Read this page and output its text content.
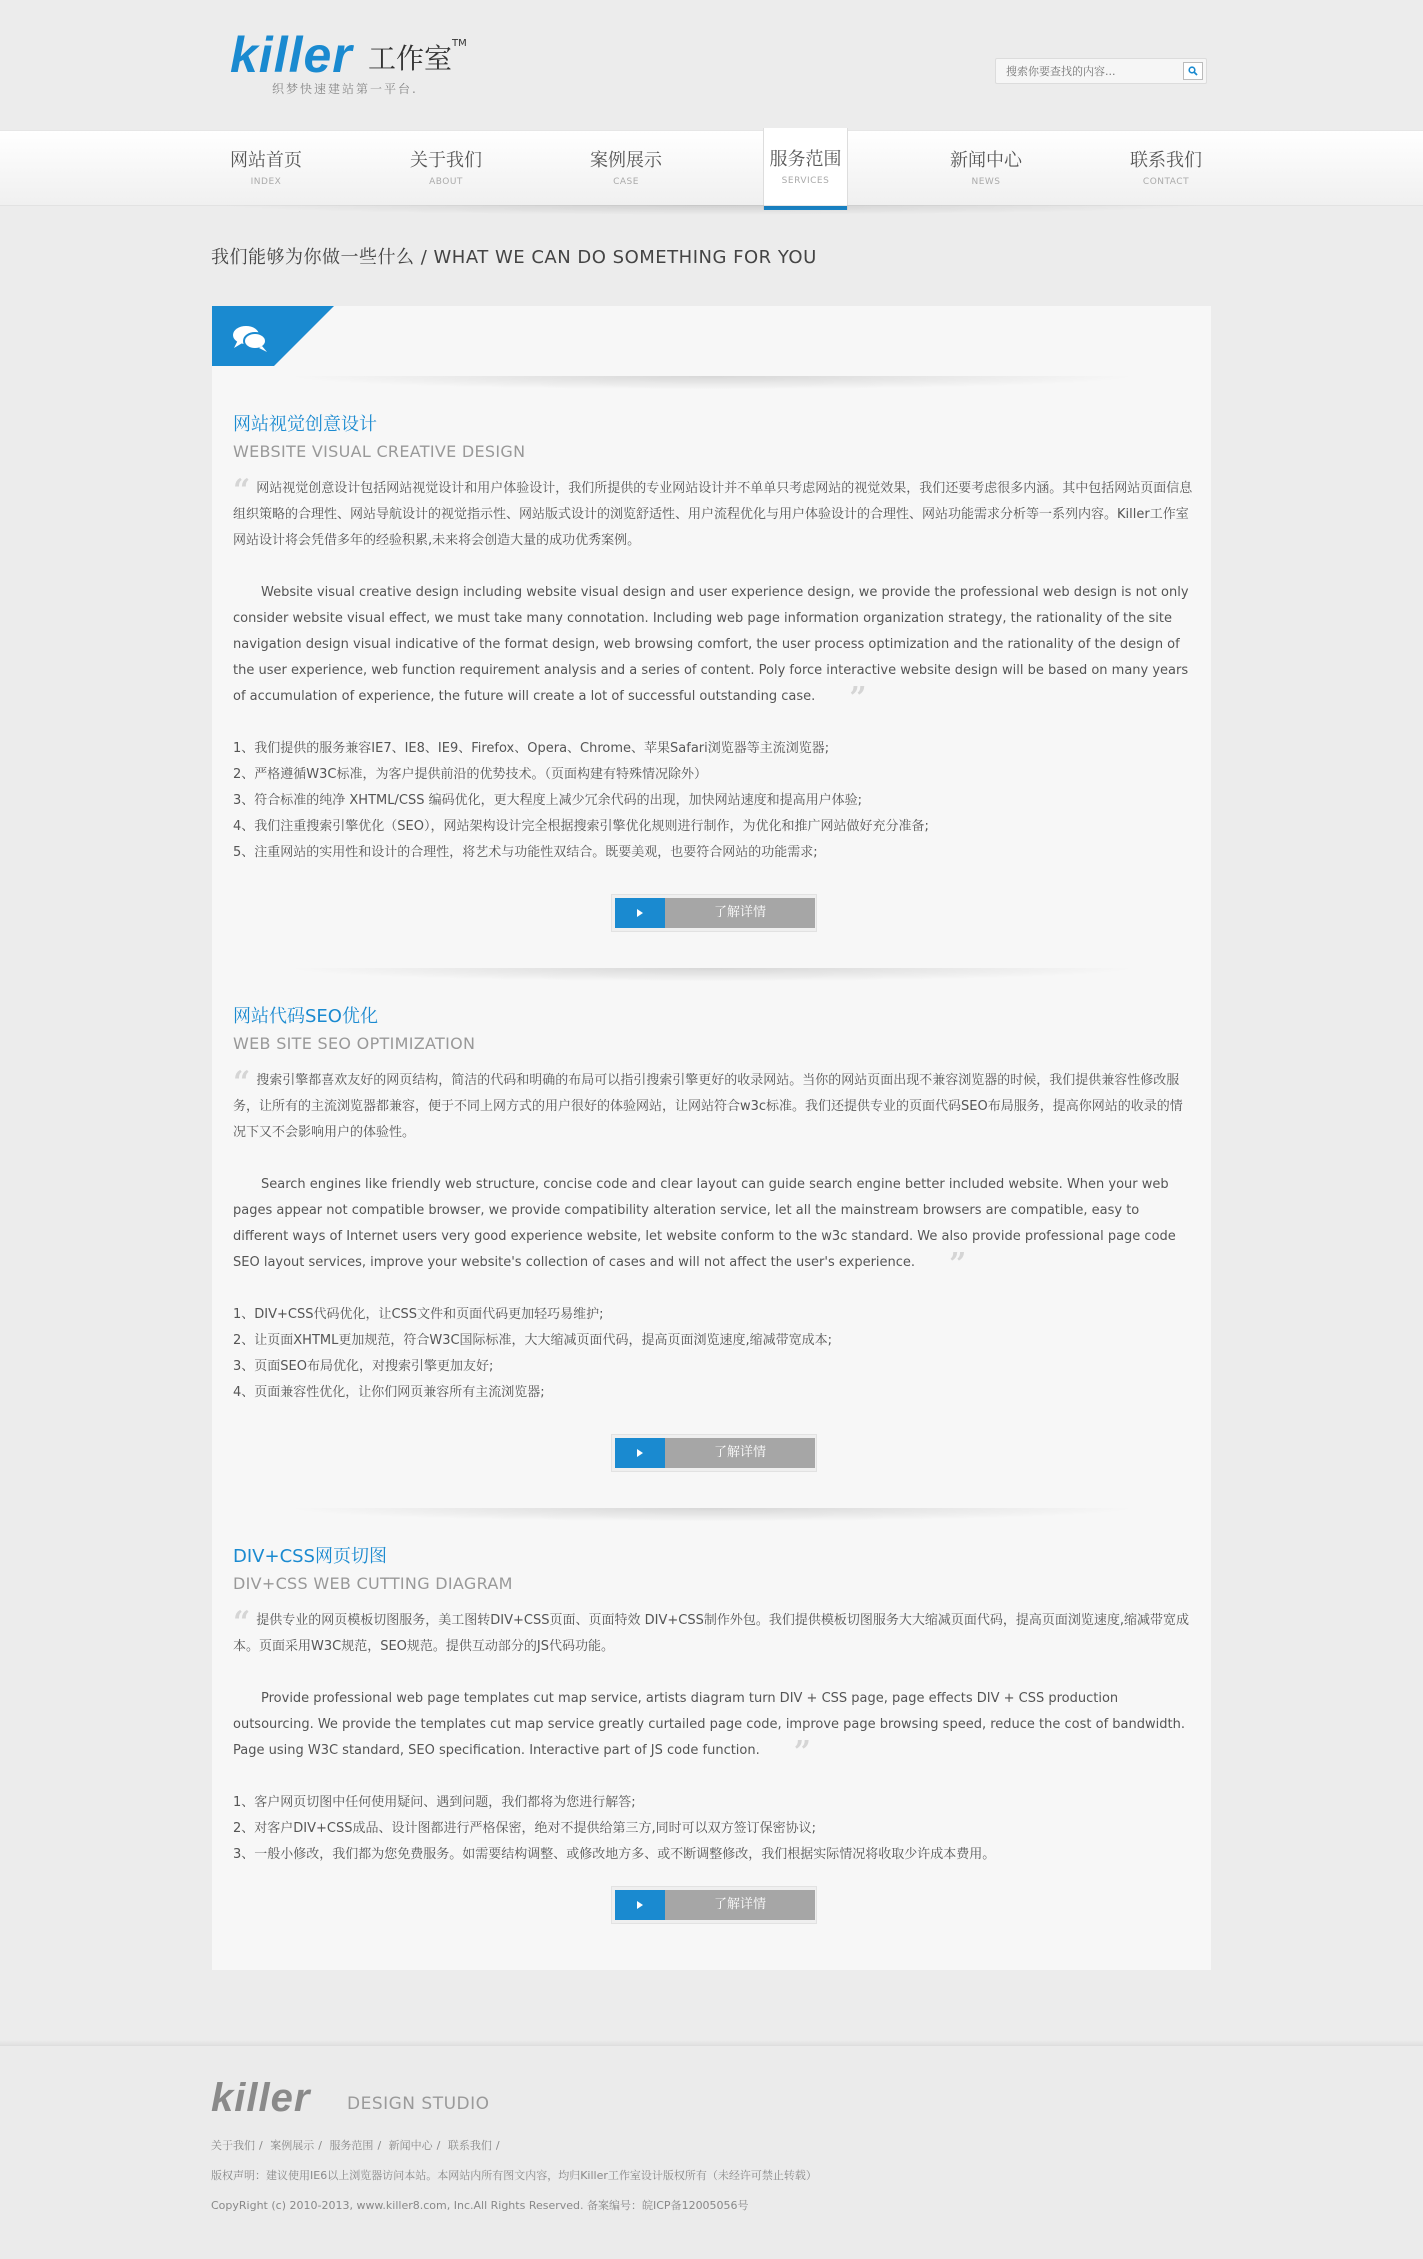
killer 工作室 TM
织梦快速建站第一平台.
搜索你要查找的内容...
网站首页
INDEX
关于我们
ABOUT
案例展示
CASE
服务范围
SERVICES
新闻中心
NEWS
联系我们
CONTACT
我们能够为你做一些什么 / WHAT WE CAN DO SOMETHING FOR YOU
网站视觉创意设计
WEBSITE VISUAL CREATIVE DESIGN

“ 网站视觉创意设计包括网站视觉设计和用户体验设计，我们所提供的专业网站设计并不单单只考虑网站的视觉效果，我们还要考虑很多内涵。其中包括网站页面信息组织策略的合理性、网站导航设计的视觉指示性、网站版式设计的浏览舒适性、用户流程优化与用户体验设计的合理性、网站功能需求分析等一系列内容。Killer工作室网站设计将会凭借多年的经验积累,未来将会创造大量的成功优秀案例。

Website visual creative design including website visual design and user experience design, we provide the professional web design is not only consider website visual effect, we must take many connotation. Including web page information organization strategy, the rationality of the site navigation design visual indicative of the format design, web browsing comfort, the user process optimization and the rationality of the design of the user experience, web function requirement analysis and a series of content. Poly force interactive website design will be based on many years of accumulation of experience, the future will create a lot of successful outstanding case. ”

1、我们提供的服务兼容IE7、IE8、IE9、Firefox、Opera、Chrome、苹果Safari浏览器等主流浏览器;
2、严格遵循W3C标准，为客户提供前沿的优势技术。（页面构建有特殊情况除外）
3、符合标准的纯净 XHTML/CSS 编码优化，更大程度上减少冗余代码的出现，加快网站速度和提高用户体验;
4、我们注重搜索引擎优化（SEO），网站架构设计完全根据搜索引擎优化规则进行制作，为优化和推广网站做好充分准备;
5、注重网站的实用性和设计的合理性，将艺术与功能性双结合。既要美观，也要符合网站的功能需求;
了解详情
网站代码SEO优化
WEB SITE SEO OPTIMIZATION

“ 搜索引擎都喜欢友好的网页结构，简洁的代码和明确的布局可以指引搜索引擎更好的收录网站。当你的网站页面出现不兼容浏览器的时候，我们提供兼容性修改服务，让所有的主流浏览器都兼容，便于不同上网方式的用户很好的体验网站，让网站符合w3c标准。我们还提供专业的页面代码SEO布局服务，提高你网站的收录的情况下又不会影响用户的体验性。

Search engines like friendly web structure, concise code and clear layout can guide search engine better included website. When your web pages appear not compatible browser, we provide compatibility alteration service, let all the mainstream browsers are compatible, easy to different ways of Internet users very good experience website, let website conform to the w3c standard. We also provide professional page code SEO layout services, improve your website's collection of cases and will not affect the user's experience. ”

1、DIV+CSS代码优化，让CSS文件和页面代码更加轻巧易维护;
2、让页面XHTML更加规范，符合W3C国际标准，大大缩减页面代码，提高页面浏览速度,缩减带宽成本;
3、页面SEO布局优化，对搜索引擎更加友好;
4、页面兼容性优化，让你们网页兼容所有主流浏览器;
了解详情
DIV+CSS网页切图
DIV+CSS WEB CUTTING DIAGRAM

“ 提供专业的网页模板切图服务，美工图转DIV+CSS页面、页面特效 DIV+CSS制作外包。我们提供模板切图服务大大缩减页面代码，提高页面浏览速度,缩减带宽成本。页面采用W3C规范，SEO规范。提供互动部分的JS代码功能。

Provide professional web page templates cut map service, artists diagram turn DIV + CSS page, page effects DIV + CSS production outsourcing. We provide the templates cut map service greatly curtailed page code, improve page browsing speed, reduce the cost of bandwidth. Page using W3C standard, SEO specification. Interactive part of JS code function. ”

1、客户网页切图中任何使用疑问、遇到问题，我们都将为您进行解答;
2、对客户DIV+CSS成品、设计图都进行严格保密，绝对不提供给第三方,同时可以双方签订保密协议;
3、一般小修改，我们都为您免费服务。如需要结构调整、或修改地方多、或不断调整修改，我们根据实际情况将收取少许成本费用。
了解详情
killer DESIGN STUDIO
关于我们 / 案例展示 / 服务范围 / 新闻中心 / 联系我们 /
版权声明：建议使用IE6以上浏览器访问本站。本网站内所有图文内容，均归Killer工作室设计版权所有（未经许可禁止转载）
CopyRight (c) 2010-2013, www.killer8.com, Inc.All Rights Reserved. 备案编号：皖ICP备12005056号
